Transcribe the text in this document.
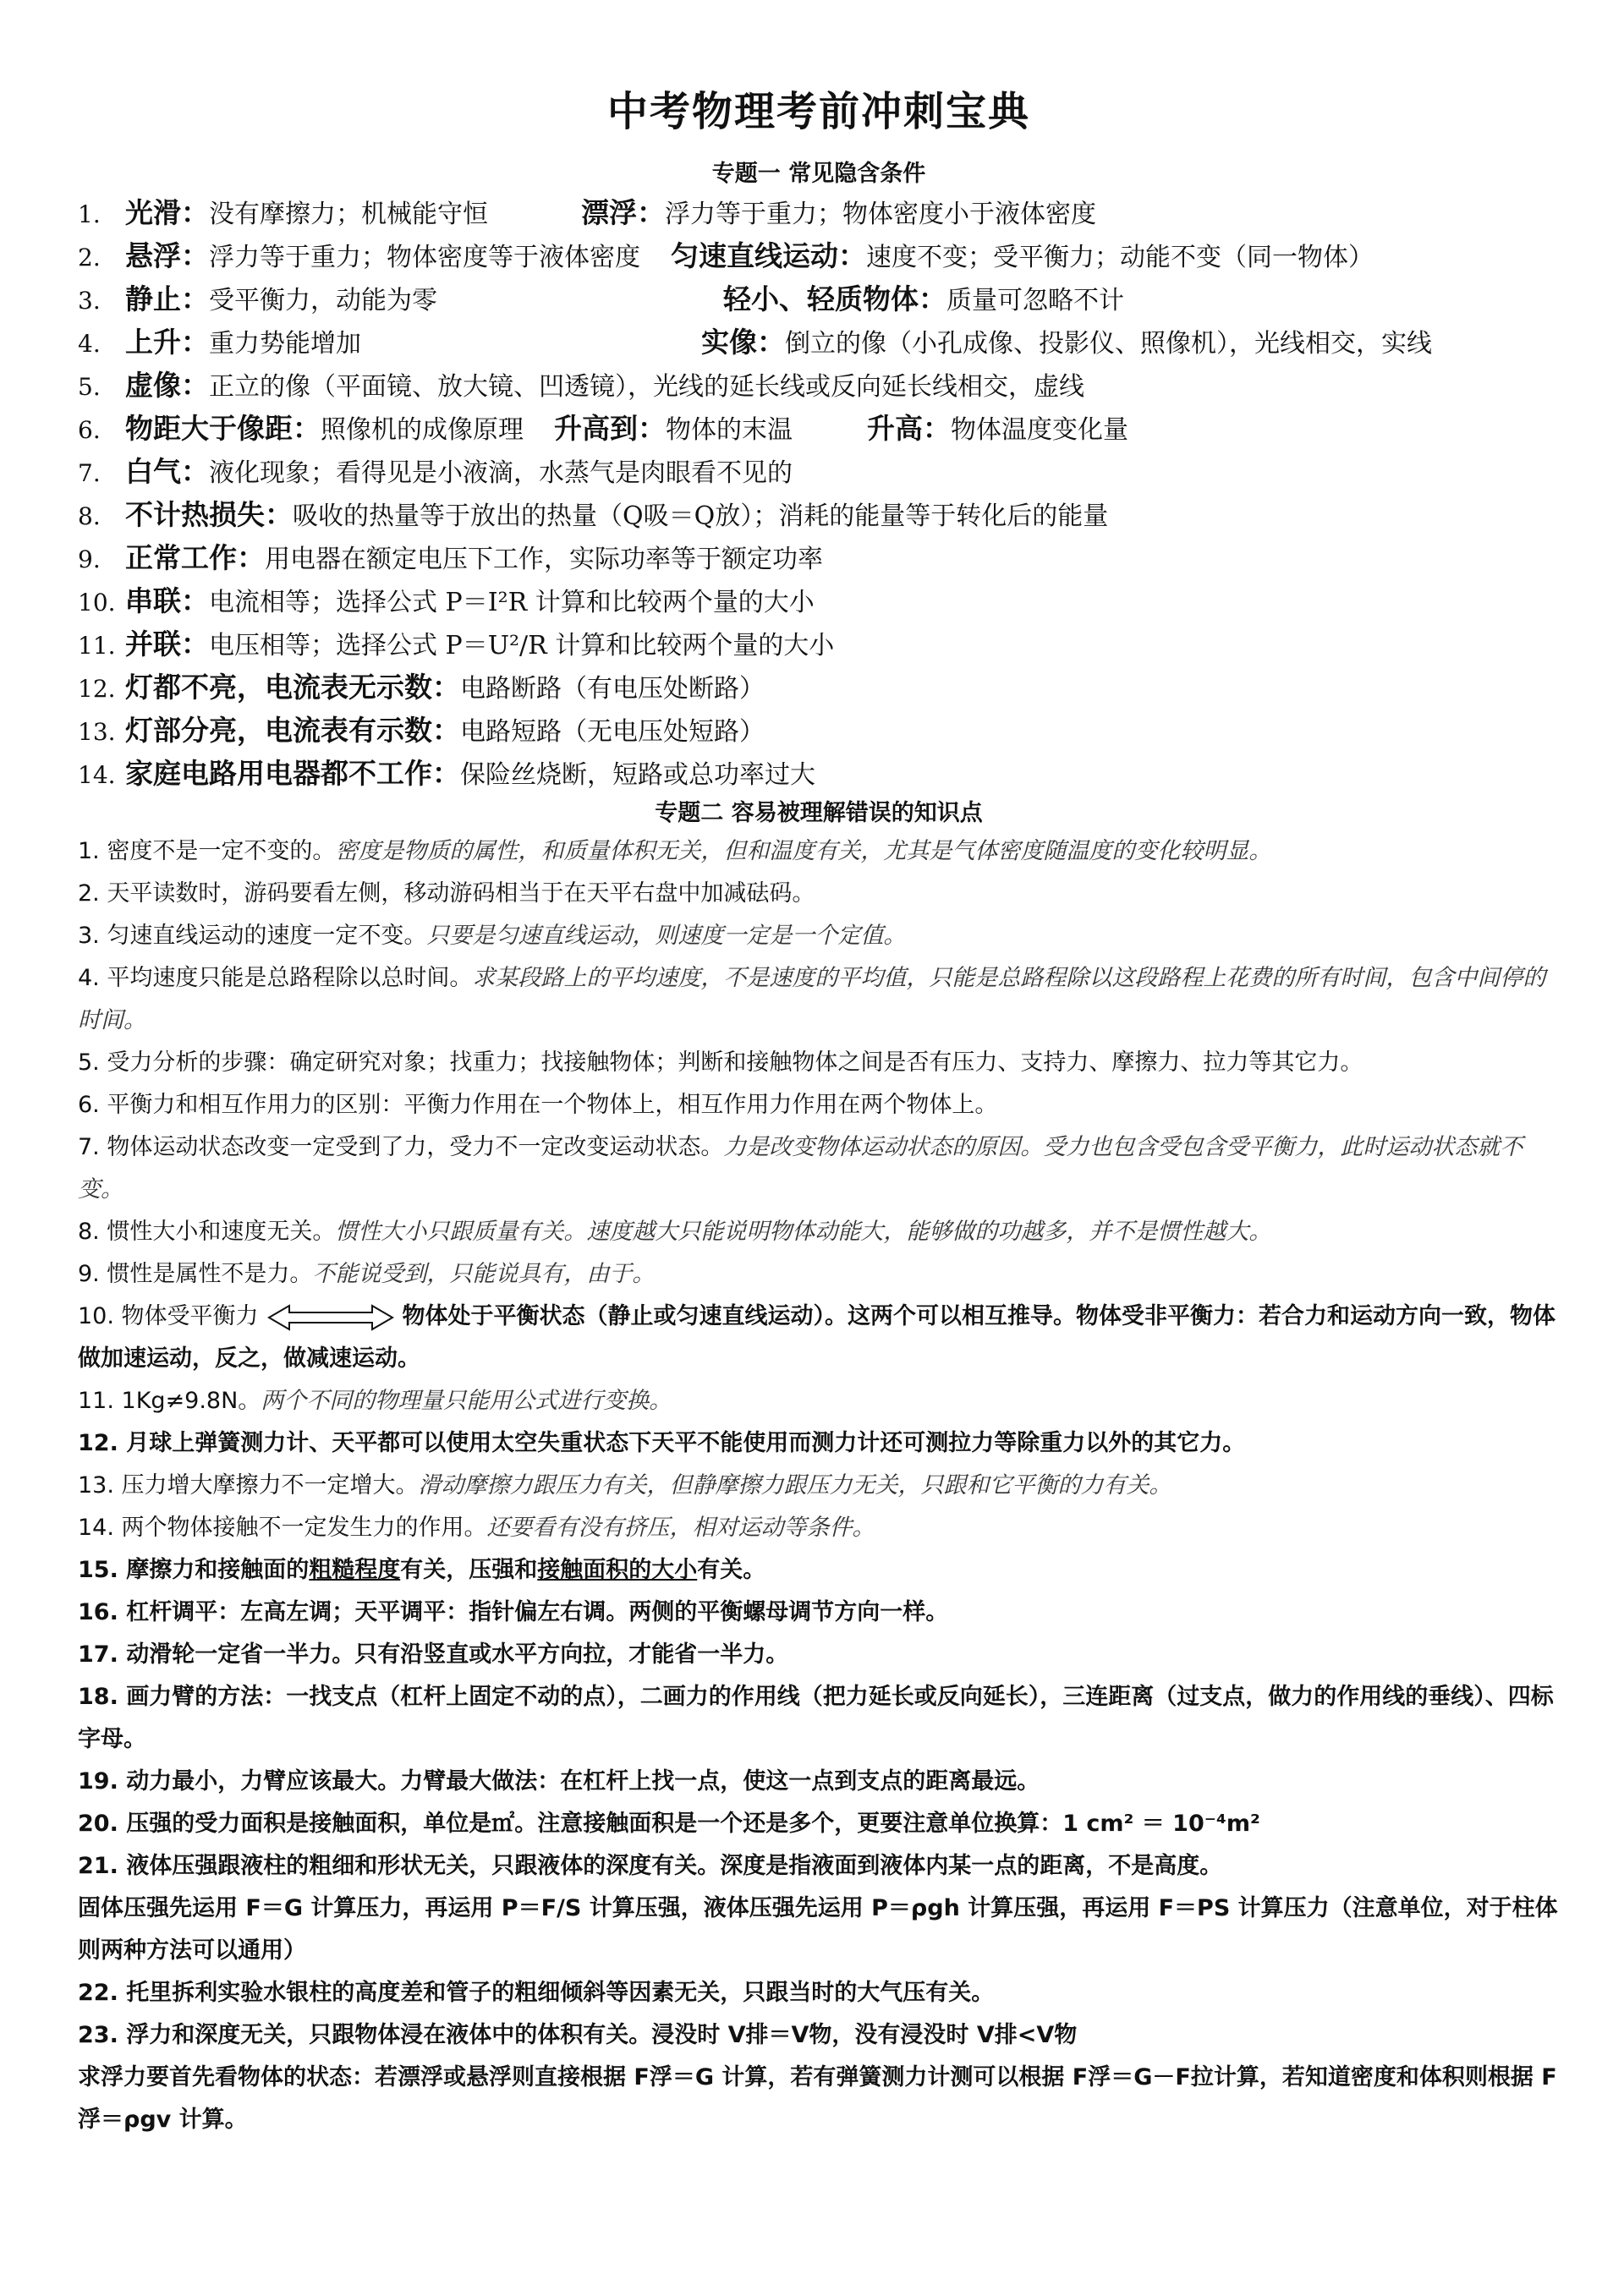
中考物理考前冲刺宝典
专题一 常见隐含条件
1. 光滑：没有摩擦力；机械能守恒	漂浮：浮力等于重力；物体密度小于液体密度
2. 悬浮：浮力等于重力；物体密度等于液体密度 匀速直线运动：速度不变；受平衡力；动能不变（同一物体）
3. 静止：受平衡力，动能为零	轻小、轻质物体：质量可忽略不计
4. 上升：重力势能增加	实像：倒立的像（小孔成像、投影仪、照像机），光线相交，实线
5. 虚像：正立的像（平面镜、放大镜、凹透镜），光线的延长线或反向延长线相交，虚线
6. 物距大于像距：照像机的成像原理 升高到：物体的末温	升高：物体温度变化量
7. 白气：液化现象；看得见是小液滴，水蒸气是肉眼看不见的
8. 不计热损失：吸收的热量等于放出的热量（Q吸＝Q放）；消耗的能量等于转化后的能量
9. 正常工作：用电器在额定电压下工作，实际功率等于额定功率
10. 串联：电流相等；选择公式 P＝I²R 计算和比较两个量的大小
11. 并联：电压相等；选择公式 P＝U²/R 计算和比较两个量的大小
12. 灯都不亮，电流表无示数：电路断路（有电压处断路）
13. 灯部分亮，电流表有示数：电路短路（无电压处短路）
14. 家庭电路用电器都不工作：保险丝烧断，短路或总功率过大
专题二 容易被理解错误的知识点
1. 密度不是一定不变的。密度是物质的属性，和质量体积无关，但和温度有关，尤其是气体密度随温度的变化较明显。
2. 天平读数时，游码要看左侧，移动游码相当于在天平右盘中加减砝码。
3. 匀速直线运动的速度一定不变。只要是匀速直线运动，则速度一定是一个定值。
4. 平均速度只能是总路程除以总时间。求某段路上的平均速度，不是速度的平均值，只能是总路程除以这段路程上花费的所有时间，包含中间停的时间。
5. 受力分析的步骤：确定研究对象；找重力；找接触物体；判断和接触物体之间是否有压力、支持力、摩擦力、拉力等其它力。
6. 平衡力和相互作用力的区别：平衡力作用在一个物体上，相互作用力作用在两个物体上。
7. 物体运动状态改变一定受到了力，受力不一定改变运动状态。力是改变物体运动状态的原因。受力也包含受包含受平衡力，此时运动状态就不变。
8. 惯性大小和速度无关。惯性大小只跟质量有关。速度越大只能说明物体动能大，能够做的功越多，并不是惯性越大。
9. 惯性是属性不是力。不能说受到，只能说具有，由于。
10. 物体受平衡力	物体处于平衡状态（静止或匀速直线运动）。这两个可以相互推导。物体受非平衡力：若合力和运动方向一致，物体做加速运动，反之，做减速运动。
11. 1Kg≠9.8N。两个不同的物理量只能用公式进行变换。
12. 月球上弹簧测力计、天平都可以使用太空失重状态下天平不能使用而测力计还可测拉力等除重力以外的其它力。
13. 压力增大摩擦力不一定增大。滑动摩擦力跟压力有关，但静摩擦力跟压力无关，只跟和它平衡的力有关。
14. 两个物体接触不一定发生力的作用。还要看有没有挤压，相对运动等条件。
15. 摩擦力和接触面的粗糙程度有关，压强和接触面积的大小有关。
16. 杠杆调平：左高左调；天平调平：指针偏左右调。两侧的平衡螺母调节方向一样。
17. 动滑轮一定省一半力。只有沿竖直或水平方向拉，才能省一半力。
18. 画力臂的方法：一找支点（杠杆上固定不动的点），二画力的作用线（把力延长或反向延长），三连距离（过支点，做力的作用线的垂线）、四标字母。
19. 动力最小，力臂应该最大。力臂最大做法：在杠杆上找一点，使这一点到支点的距离最远。
20. 压强的受力面积是接触面积，单位是㎡。注意接触面积是一个还是多个，更要注意单位换算：1 cm² ＝ 10⁻⁴m²
21. 液体压强跟液柱的粗细和形状无关，只跟液体的深度有关。深度是指液面到液体内某一点的距离，不是高度。
固体压强先运用 F＝G 计算压力，再运用 P＝F/S 计算压强，液体压强先运用 P＝ρgh 计算压强，再运用 F＝PS 计算压力（注意单位，对于柱体则两种方法可以通用）
22. 托里拆利实验水银柱的高度差和管子的粗细倾斜等因素无关，只跟当时的大气压有关。
23. 浮力和深度无关，只跟物体浸在液体中的体积有关。浸没时 V排＝V物，没有浸没时 V排<V物
求浮力要首先看物体的状态：若漂浮或悬浮则直接根据 F浮＝G 计算，若有弹簧测力计测可以根据 F浮＝G－F拉计算，若知道密度和体积则根据 F浮＝ρgv 计算。
